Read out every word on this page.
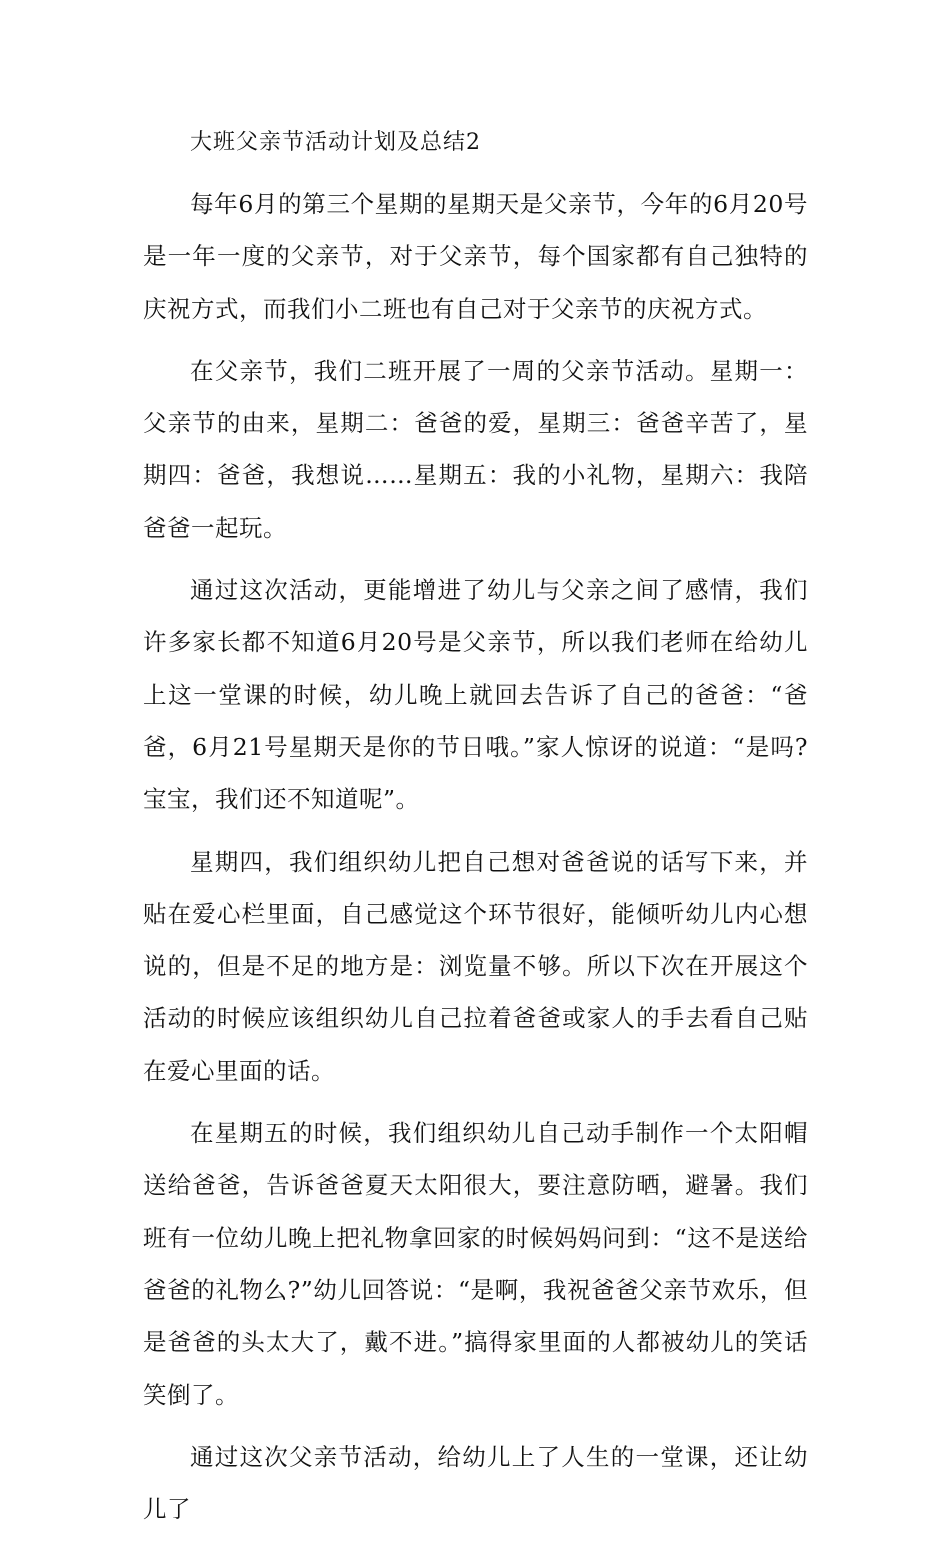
大班父亲节活动计划及总结2

每年6月的第三个星期的星期天是父亲节，今年的6月20号是一年一度的父亲节，对于父亲节，每个国家都有自己独特的庆祝方式，而我们小二班也有自己对于父亲节的庆祝方式。

在父亲节，我们二班开展了一周的父亲节活动。星期一：父亲节的由来，星期二：爸爸的爱，星期三：爸爸辛苦了，星期四：爸爸，我想说……星期五：我的小礼物，星期六：我陪爸爸一起玩。

通过这次活动，更能增进了幼儿与父亲之间了感情，我们许多家长都不知道6月20号是父亲节，所以我们老师在给幼儿上这一堂课的时候，幼儿晚上就回去告诉了自己的爸爸：“爸爸，6月21号星期天是你的节日哦。”家人惊讶的说道：“是吗?宝宝，我们还不知道呢”。

星期四，我们组织幼儿把自己想对爸爸说的话写下来，并贴在爱心栏里面，自己感觉这个环节很好，能倾听幼儿内心想说的，但是不足的地方是：浏览量不够。所以下次在开展这个活动的时候应该组织幼儿自己拉着爸爸或家人的手去看自己贴在爱心里面的话。

在星期五的时候，我们组织幼儿自己动手制作一个太阳帽送给爸爸，告诉爸爸夏天太阳很大，要注意防晒，避暑。我们班有一位幼儿晚上把礼物拿回家的时候妈妈问到：“这不是送给爸爸的礼物么?”幼儿回答说：“是啊，我祝爸爸父亲节欢乐，但是爸爸的头太大了，戴不进。”搞得家里面的人都被幼儿的笑话笑倒了。

通过这次父亲节活动，给幼儿上了人生的一堂课，还让幼儿了
